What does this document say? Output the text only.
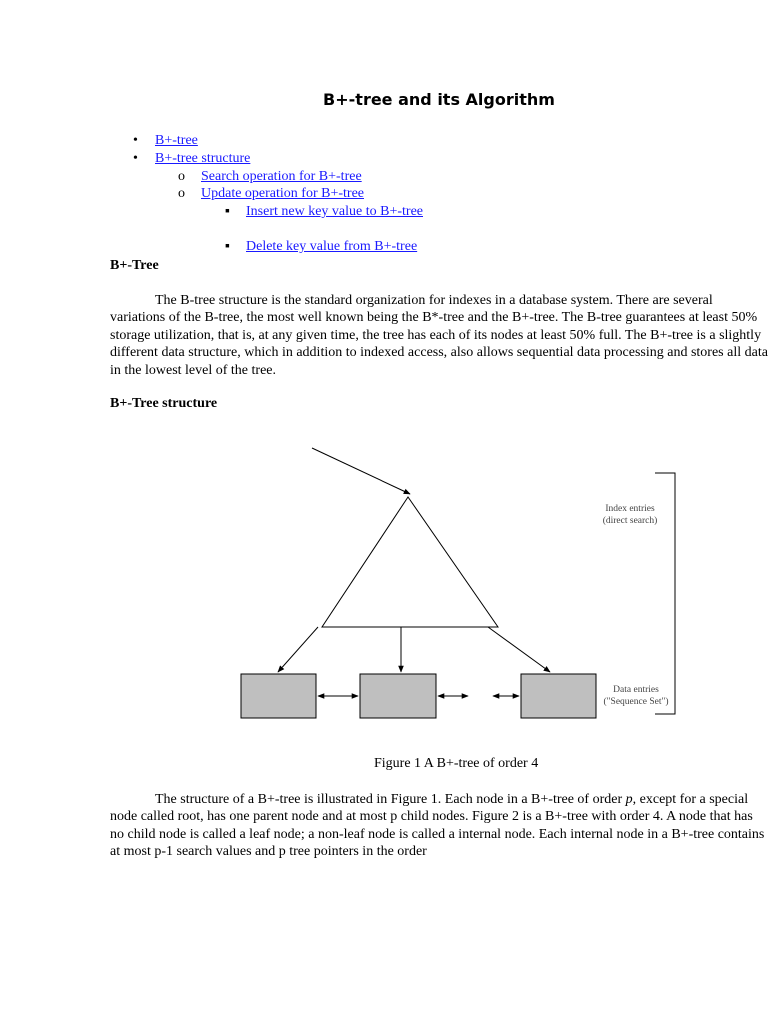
B+-tree and its Algorithm
• B+-tree
• B+-tree structure
o Search operation for B+-tree
o Update operation for B+-tree
▪ Insert new key value to B+-tree
▪ Delete key value from B+-tree
B+-Tree

The B-tree structure is the standard organization for indexes in a database system. There are several variations of the B-tree, the most well known being the B*-tree and the B+-tree. The B-tree guarantees at least 50% storage utilization, that is, at any given time, the tree has each of its nodes at least 50% full. The B+-tree is a slightly different data structure, which in addition to indexed access, also allows sequential data processing and stores all data in the lowest level of the tree.

B+-Tree structure
Index entries
(direct search)
Data entries
("Sequence Set")
Figure 1 A B+-tree of order 4

The structure of a B+-tree is illustrated in Figure 1. Each node in a B+-tree of order p, except for a special node called root, has one parent node and at most p child nodes. Figure 2 is a B+-tree with order 4. A node that has no child node is called a leaf node; a non-leaf node is called a internal node. Each internal node in a B+-tree contains at most p-1 search values and p tree pointers in the order
